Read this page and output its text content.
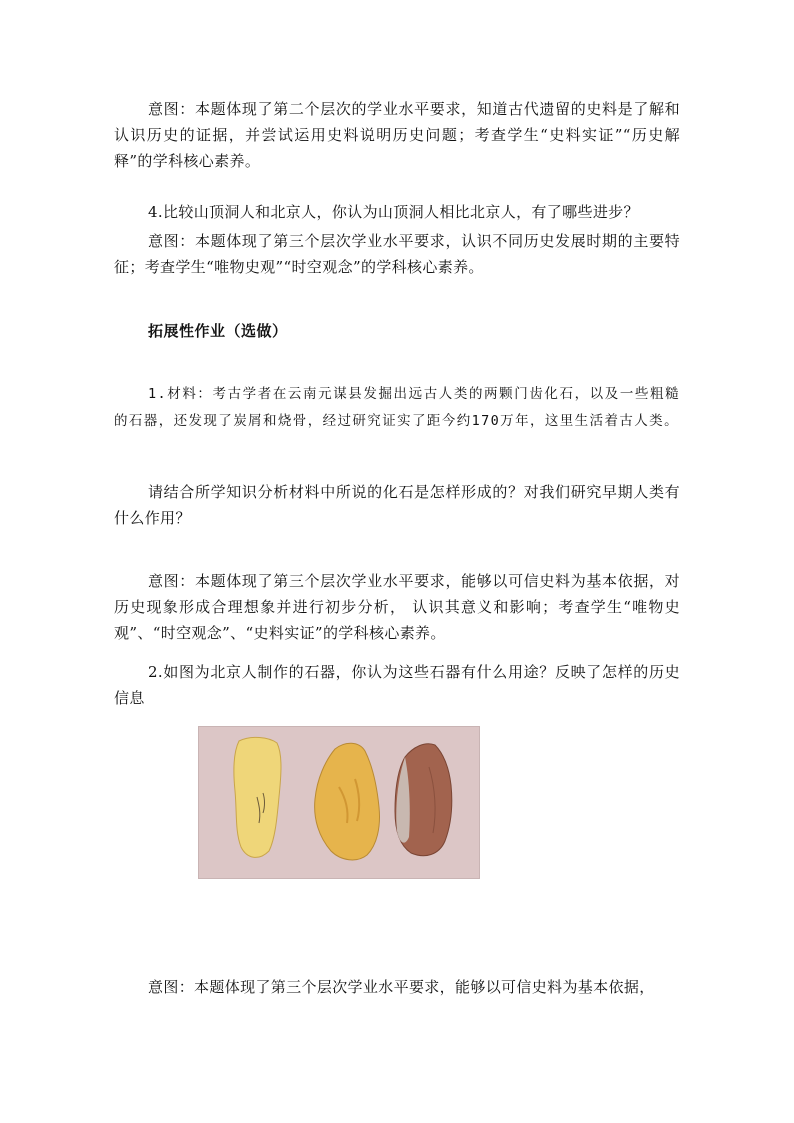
意图：本题体现了第二个层次的学业水平要求，知道古代遗留的史料是了解和认识历史的证据，并尝试运用史料说明历史问题；考查学生“史料实证”“历史解释”的学科核心素养。

4.比较山顶洞人和北京人，你认为山顶洞人相比北京人，有了哪些进步？

意图：本题体现了第三个层次学业水平要求，认识不同历史发展时期的主要特征；考查学生“唯物史观”“时空观念”的学科核心素养。

拓展性作业（选做）

1.材料：考古学者在云南元谋县发掘出远古人类的两颗门齿化石，以及一些粗糙的石器，还发现了炭屑和烧骨，经过研究证实了距今约170万年，这里生活着古人类。

请结合所学知识分析材料中所说的化石是怎样形成的？对我们研究早期人类有什么作用？

意图：本题体现了第三个层次学业水平要求，能够以可信史料为基本依据，对历史现象形成合理想象并进行初步分析， 认识其意义和影响；考查学生“唯物史观”、“时空观念”、“史料实证”的学科核心素养。

2.如图为北京人制作的石器，你认为这些石器有什么用途？反映了怎样的历史信息

意图：本题体现了第三个层次学业水平要求，能够以可信史料为基本依据，
